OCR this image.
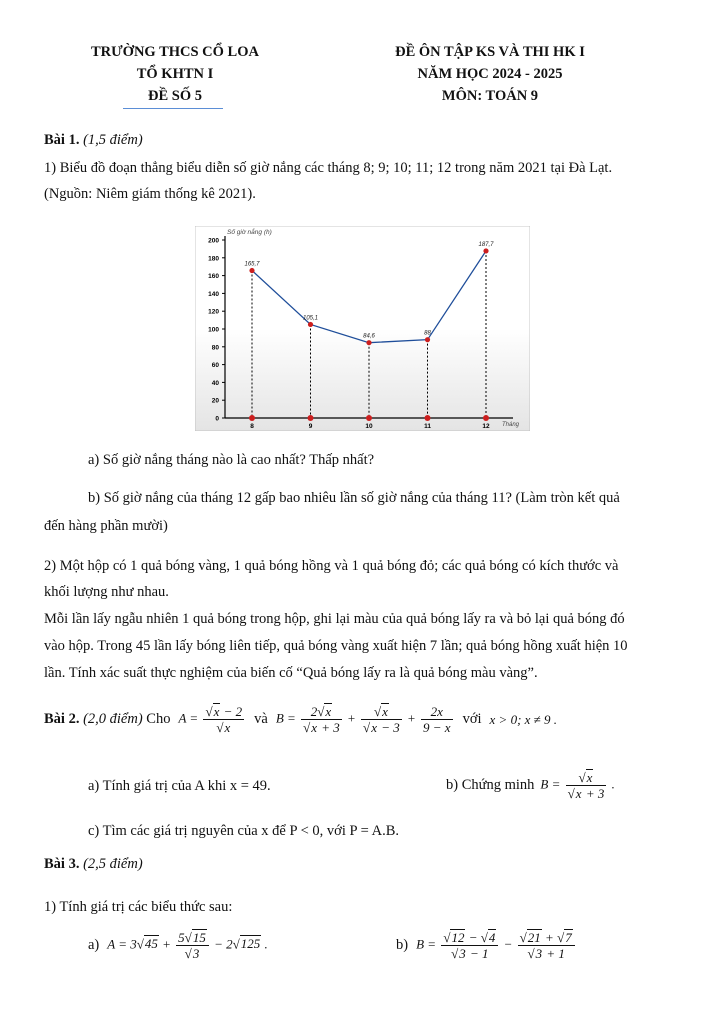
TRƯỜNG THCS CỔ LOA
TỔ KHTN I
ĐỀ SỐ 5
ĐỀ ÔN TẬP KS VÀ THI HK I
NĂM HỌC 2024 - 2025
MÔN: TOÁN 9
Bài 1. (1,5 điểm)
1) Biểu đồ đoạn thẳng biểu diễn số giờ nắng các tháng 8; 9; 10; 11; 12 trong năm 2021 tại Đà Lạt.
(Nguồn: Niêm giám thống kê 2021).
Số giờ nắng (h)
Tháng
0
20
40
60
80
100
120
140
160
180
200
8	9	10	11	12
165,7
105,1
84,6
88
187,7
a) Số giờ nắng tháng nào là cao nhất? Thấp nhất?
b) Số giờ nắng của tháng 12 gấp bao nhiêu lần số giờ nắng của tháng 11? (Làm tròn kết quả
đến hàng phần mười)
2) Một hộp có 1 quả bóng vàng, 1 quả bóng hồng và 1 quả bóng đỏ; các quả bóng có kích thước và
khối lượng như nhau.
Mỗi lần lấy ngẫu nhiên 1 quả bóng trong hộp, ghi lại màu của quả bóng lấy ra và bỏ lại quả bóng đó
vào hộp. Trong 45 lần lấy bóng liên tiếp, quả bóng vàng xuất hiện 7 lần; quả bóng hồng xuất hiện 10
lần. Tính xác suất thực nghiệm của biến cố “Quả bóng lấy ra là quả bóng màu vàng”.
Bài 2.
(2,0 điểm)
Cho $A = \frac{√x - 2}{√x}$ và $B = \frac{2√x}{√x + 3} + \frac{√x}{√x - 3} + \frac{2x}{9 - x}$ với x > 0; x ≠ 9 .
a) Tính giá trị của A khi x = 49.	b) Chứng minh $B = \frac{√x}{√x + 3}$ .
c) Tìm các giá trị nguyên của x để P < 0, với P = A.B.
Bài 3. (2,5 điểm)
1) Tính giá trị các biểu thức sau:
a) $A = 3√45 + \frac{5√15}{√3} - 2√125$ .	b) $B = \frac{√12 - √4}{√3 - 1} - \frac{√21 + √7}{√3 + 1}$
